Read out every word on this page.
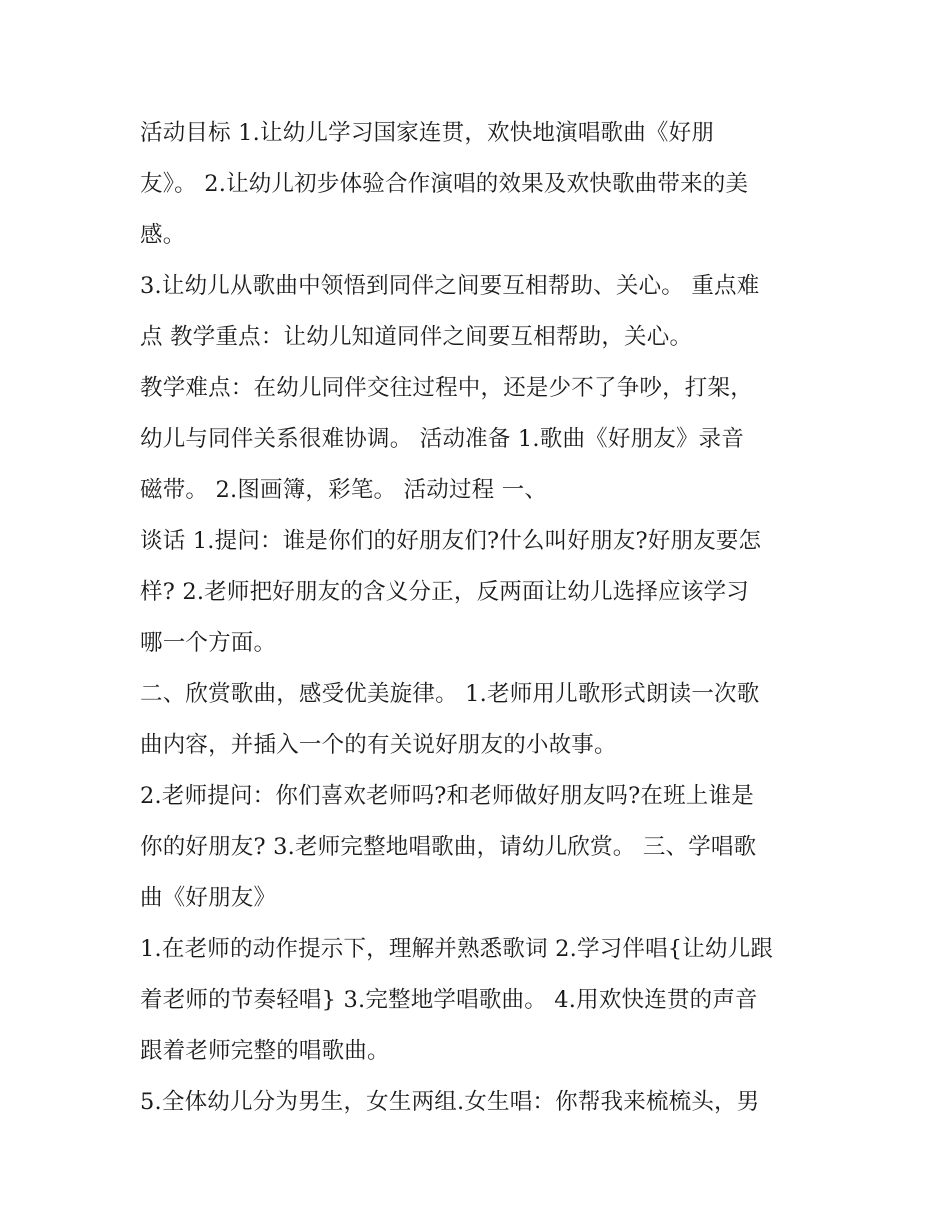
活动目标 1.让幼儿学习国家连贯，欢快地演唱歌曲《好朋
友》。 2.让幼儿初步体验合作演唱的效果及欢快歌曲带来的美
感。
3.让幼儿从歌曲中领悟到同伴之间要互相帮助、关心。 重点难
点 教学重点：让幼儿知道同伴之间要互相帮助，关心。
教学难点：在幼儿同伴交往过程中，还是少不了争吵，打架，
幼儿与同伴关系很难协调。 活动准备 1.歌曲《好朋友》录音
磁带。 2.图画簿，彩笔。 活动过程 一、
谈话 1.提问：谁是你们的好朋友们?什么叫好朋友?好朋友要怎
样? 2.老师把好朋友的含义分正，反两面让幼儿选择应该学习
哪一个方面。
二、欣赏歌曲，感受优美旋律。 1.老师用儿歌形式朗读一次歌
曲内容，并插入一个的有关说好朋友的小故事。
2.老师提问：你们喜欢老师吗?和老师做好朋友吗?在班上谁是
你的好朋友? 3.老师完整地唱歌曲，请幼儿欣赏。 三、学唱歌
曲《好朋友》
1.在老师的动作提示下，理解并熟悉歌词 2.学习伴唱{让幼儿跟
着老师的节奏轻唱} 3.完整地学唱歌曲。 4.用欢快连贯的声音
跟着老师完整的唱歌曲。
5.全体幼儿分为男生，女生两组.女生唱：你帮我来梳梳头，男
